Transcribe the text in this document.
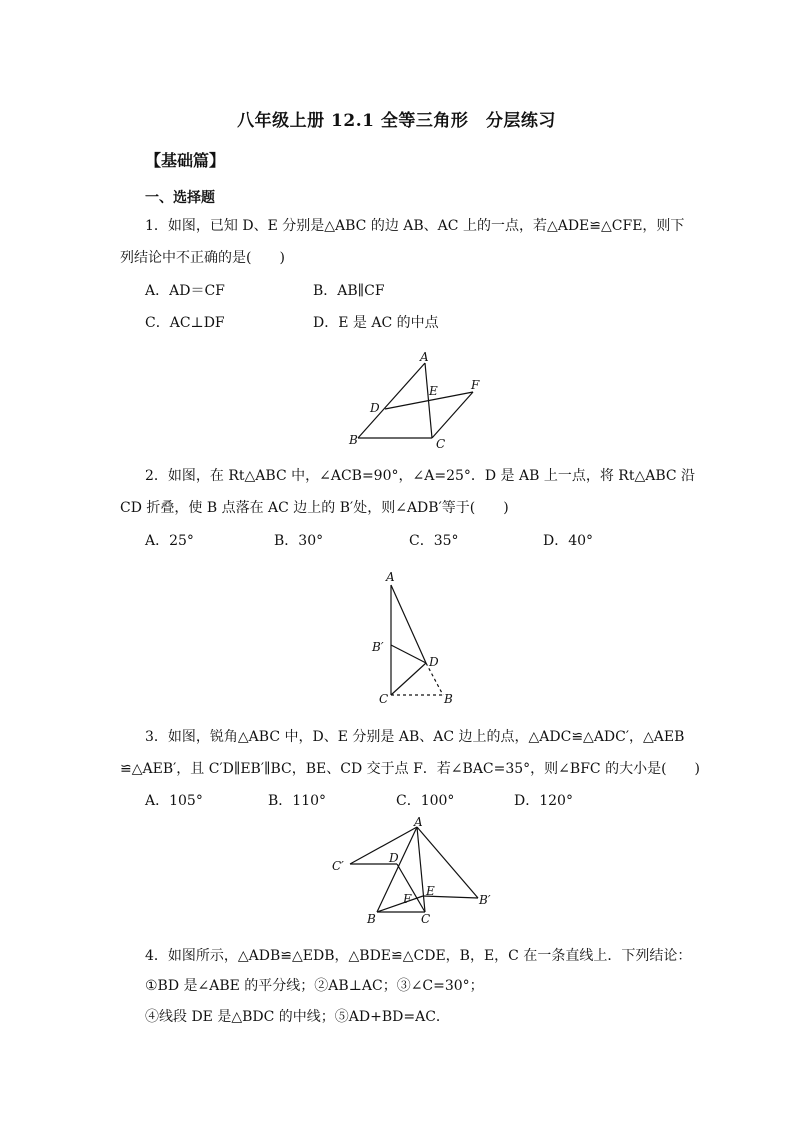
八年级上册 12.1 全等三角形　分层练习
【基础篇】
一、选择题
1．如图，已知 D、E 分别是△ABC 的边 AB、AC 上的一点，若△ADE≌△CFE，则下
列结论中不正确的是(　　)
A．AD＝CF	B．AB∥CF
C．AC⊥DF	D．E 是 AC 的中点
A
B	C
D
E	F
2．如图，在 Rt△ABC 中，∠ACB=90°，∠A=25°．D 是 AB 上一点，将 Rt△ABC 沿
CD 折叠，使 B 点落在 AC 边上的 B′处，则∠ADB′等于(　　)
A．25°	B．30°	C．35°	D．40°
A
B′
D
C	B
3．如图，锐角△ABC 中，D、E 分别是 AB、AC 边上的点，△ADC≌△ADC′，△AEB
≌△AEB′，且 C′D∥EB′∥BC，BE、CD 交于点 F．若∠BAC=35°，则∠BFC 的大小是(　　)
A．105°	B．110°	C．100°	D．120°
A
C′
D
F
E
B′
B	C
4．如图所示，△ADB≌△EDB，△BDE≌△CDE，B，E，C 在一条直线上．下列结论：
①BD 是∠ABE 的平分线；②AB⊥AC；③∠C=30°；
④线段 DE 是△BDC 的中线；⑤AD+BD=AC．
